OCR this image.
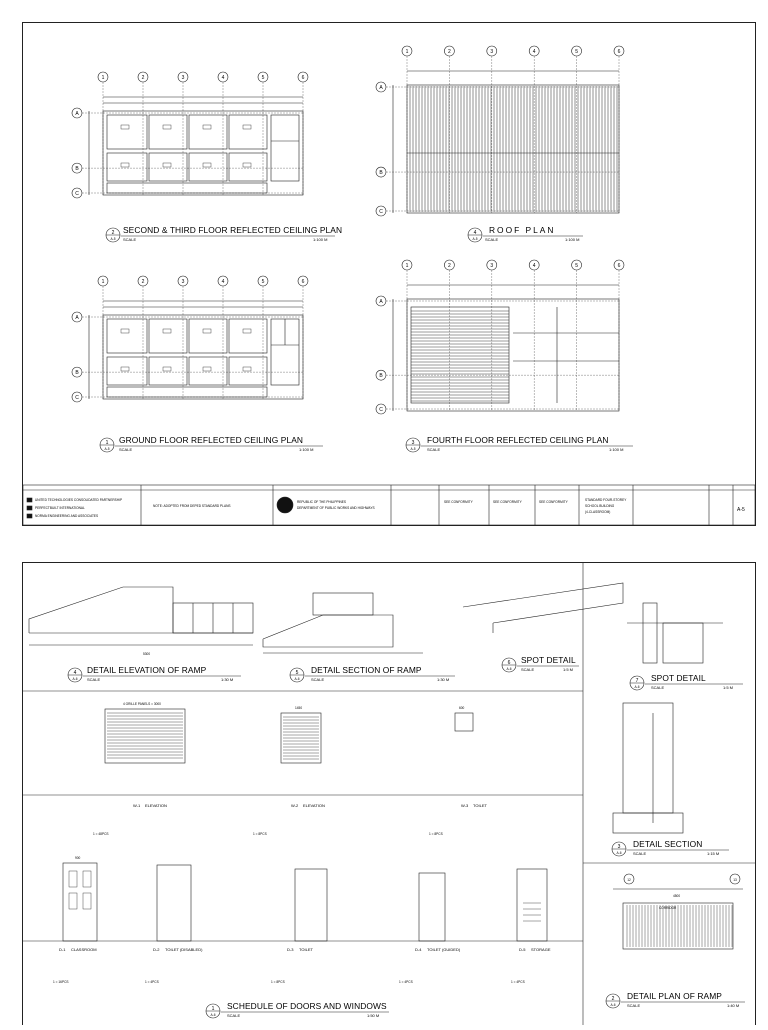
1	2	3	4	5	6
A
B
C
1	2	3	4	5	6
A
B
C
1	2	3	4	5	6
A
B
C
1	2	3	4	5	6
A
B
C
2
A-5
SECOND & THIRD FLOOR REFLECTED CEILING PLAN
SCALE	1:100 M
4
A-5
ROOF PLAN
SCALE	1:100 M
1
A-5
GROUND FLOOR REFLECTED CEILING PLAN
SCALE	1:100 M
3
A-5
FOURTH FLOOR REFLECTED CEILING PLAN
SCALE	1:100 M
UNITED TECHNOLOGIES CONSOLIDATED PARTNERSHIP
PERFECTBUILT INTERNATIONAL
NORMA ENGINEERING AND ASSOCIATES
NOTE: ADOPTED FROM DEPED STANDARD PLANS
REPUBLIC OF THE PHILIPPINES
DEPARTMENT OF PUBLIC WORKS AND HIGHWAYS
SEE CONFORMITY	SEE CONFORMITY	SEE CONFORMITY	STANDARD FOUR-STOREY
SCHOOL BUILDING
(4-CLASSROOM)	A-5
4
A-6
DETAIL ELEVATION OF RAMP
SCALE	1:30 M
5
A-6
DETAIL SECTION OF RAMP
SCALE	1:30 M
6
A-6
SPOT DETAIL
SCALE	1:5 M
7
A-6
SPOT DETAIL
SCALE	1:5 M
3
A-6
DETAIL SECTION
SCALE	1:15 M
2
A-6
DETAIL PLAN OF RAMP
SCALE	1:40 M
1
A-6
SCHEDULE OF DOORS AND WINDOWS
SCALE	1:50 M
4 GRILLE PANELS = 3000
1450	600
5300
4500
CORRIDOR
900
W-1 ELEVATION
1 = 48PCS
W-2 ELEVATION
1 = 8PCS
W-3 TOILET
1 = 8PCS
D-1 CLASSROOM
1 = 16PCS
D-2 TOILET (DISABLED)
1 = 4PCS
D-3 TOILET
1 = 8PCS
D-4 TOILET (GUIDED)
1 = 4PCS
D-5 STORAGE
1 = 4PCS
12	13
